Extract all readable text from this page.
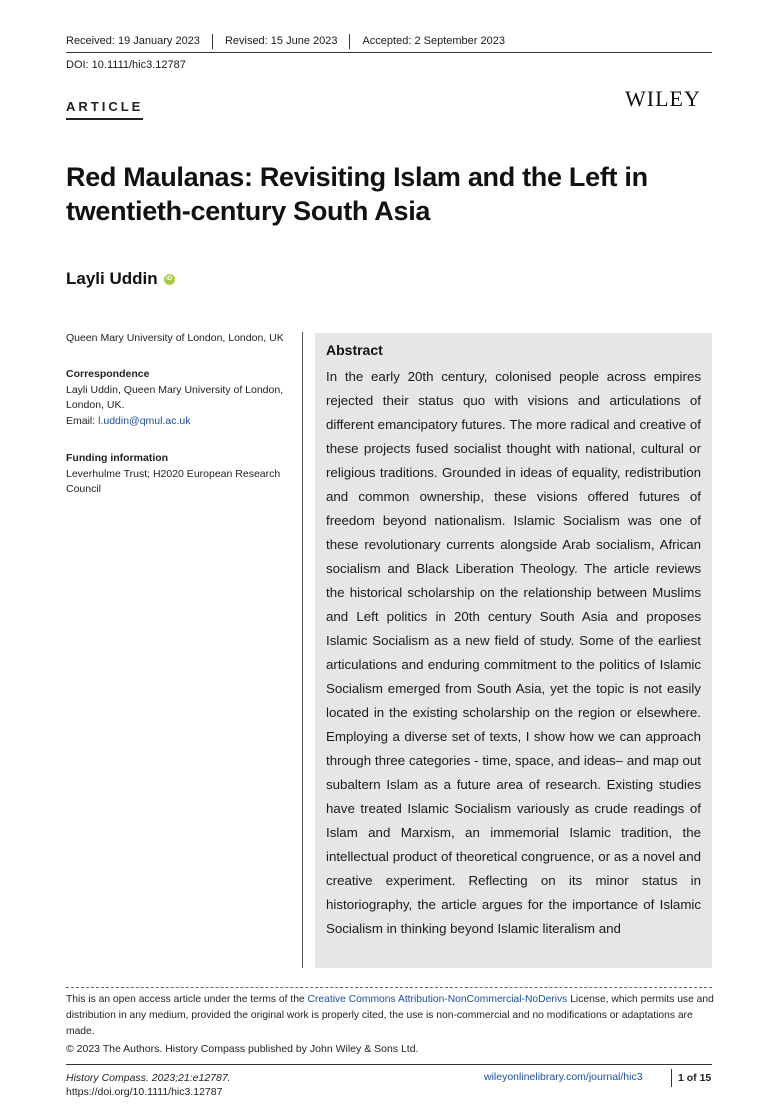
Received: 19 January 2023	Revised: 15 June 2023	Accepted: 2 September 2023
DOI: 10.1111/hic3.12787
ARTICLE	WILEY
Red Maulanas: Revisiting Islam and the Left in twentieth-century South Asia
Layli Uddin	iD
Queen Mary University of London, London, UK
Correspondence
Layli Uddin, Queen Mary University of London, London, UK.
Email: l.uddin@qmul.ac.uk
Funding information
Leverhulme Trust; H2020 European Research Council
Abstract
In the early 20th century, colonised people across empires rejected their status quo with visions and articulations of different emancipatory futures. The more radical and creative of these projects fused socialist thought with national, cultural or religious traditions. Grounded in ideas of equality, redistribution and common ownership, these visions offered futures of freedom beyond nationalism. Islamic Socialism was one of these revolutionary currents alongside Arab socialism, African socialism and Black Liberation Theology. The article reviews the historical scholarship on the relationship between Muslims and Left politics in 20th century South Asia and proposes Islamic Socialism as a new field of study. Some of the earliest articulations and enduring commitment to the politics of Islamic Socialism emerged from South Asia, yet the topic is not easily located in the existing scholarship on the region or elsewhere. Employing a diverse set of texts, I show how we can approach through three categories - time, space, and ideas– and map out subaltern Islam as a future area of research. Existing studies have treated Islamic Socialism variously as crude readings of Islam and Marxism, an immemorial Islamic tradition, the intellectual product of theoretical congruence, or as a novel and creative experiment. Reflecting on its minor status in historiography, the article argues for the importance of Islamic Socialism in thinking beyond Islamic literalism and
This is an open access article under the terms of the Creative Commons Attribution-NonCommercial-NoDerivs License, which permits use and distribution in any medium, provided the original work is properly cited, the use is non-commercial and no modifications or adaptations are made.
© 2023 The Authors. History Compass published by John Wiley & Sons Ltd.
History Compass. 2023;21:e12787.
https://doi.org/10.1111/hic3.12787
wileyonlinelibrary.com/journal/hic3	1 of 15
